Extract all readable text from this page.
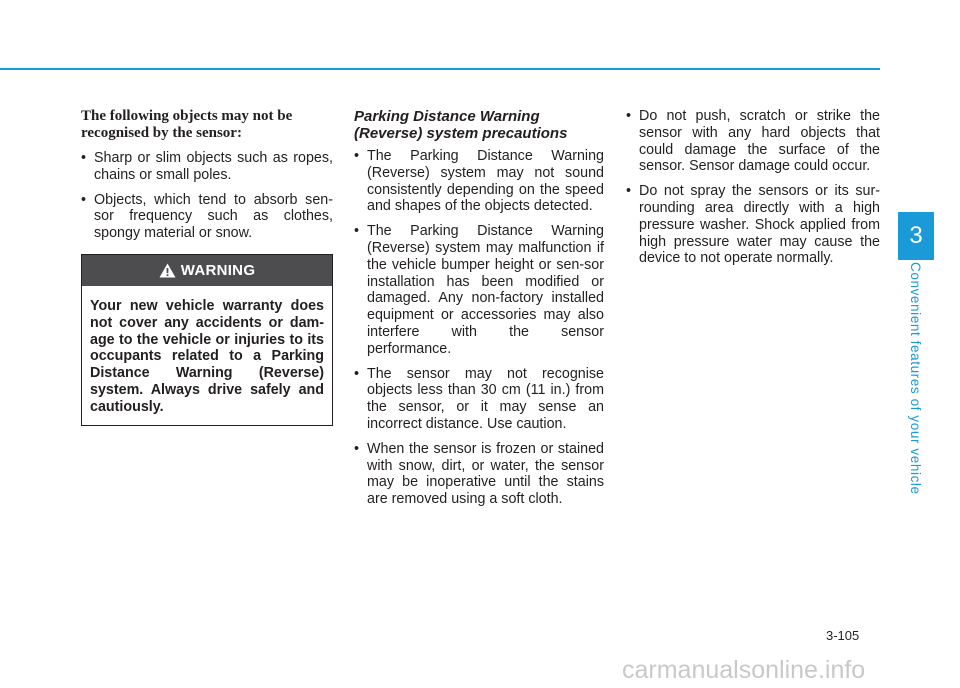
3
Convenient features of your vehicle

The following objects may not be recognised by the sensor:

• Sharp or slim objects such as ropes, chains or small poles.
• Objects, which tend to absorb sen-sor frequency such as clothes, spongy material or snow.
WARNING
Your new vehicle warranty does not cover any accidents or dam-age to the vehicle or injuries to its occupants related to a Parking Distance Warning (Reverse) system. Always drive safely and cautiously.

Parking Distance Warning (Reverse) system precautions

• The Parking Distance Warning (Reverse) system may not sound consistently depending on the speed and shapes of the objects detected.
• The Parking Distance Warning (Reverse) system may malfunction if the vehicle bumper height or sen-sor installation has been modified or damaged. Any non-factory installed equipment or accessories may also interfere with the sensor performance.
• The sensor may not recognise objects less than 30 cm (11 in.) from the sensor, or it may sense an incorrect distance. Use caution.
• When the sensor is frozen or stained with snow, dirt, or water, the sensor may be inoperative until the stains are removed using a soft cloth.
• Do not push, scratch or strike the sensor with any hard objects that could damage the surface of the sensor. Sensor damage could occur.
• Do not spray the sensors or its sur-rounding area directly with a high pressure washer. Shock applied from high pressure water may cause the device to not operate normally.
3-105
carmanualsonline.info
